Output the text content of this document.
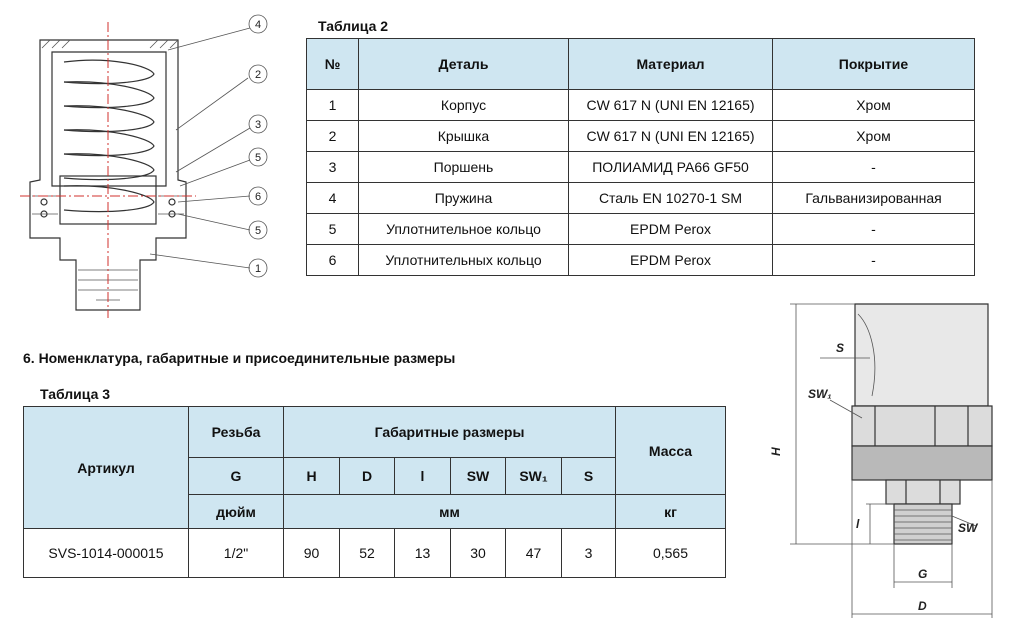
4
2
3
5
6
5
1
Таблица 2
№	Деталь	Материал	Покрытие
1	Корпус	CW 617 N (UNI EN 12165)	Хром
2	Крышка	CW 617 N (UNI EN 12165)	Хром
3	Поршень	ПОЛИАМИД PA66 GF50	-
4	Пружина	Сталь EN 10270-1 SM	Гальванизированная
5	Уплотнительное кольцо	EPDM Perox	-
6	Уплотнительных кольцо	EPDM Perox	-
6. Номенклатура, габаритные и присоединительные размеры
Таблица 3
Артикул	Резьба	Габаритные размеры						Масса
	G	H	D	l	SW	SW₁	S	
	дюйм	мм						кг
SVS-1014-000015	1/2"	90	52	13	30	47	3	0,565
H
S
SW₁
l	SW
G
D
